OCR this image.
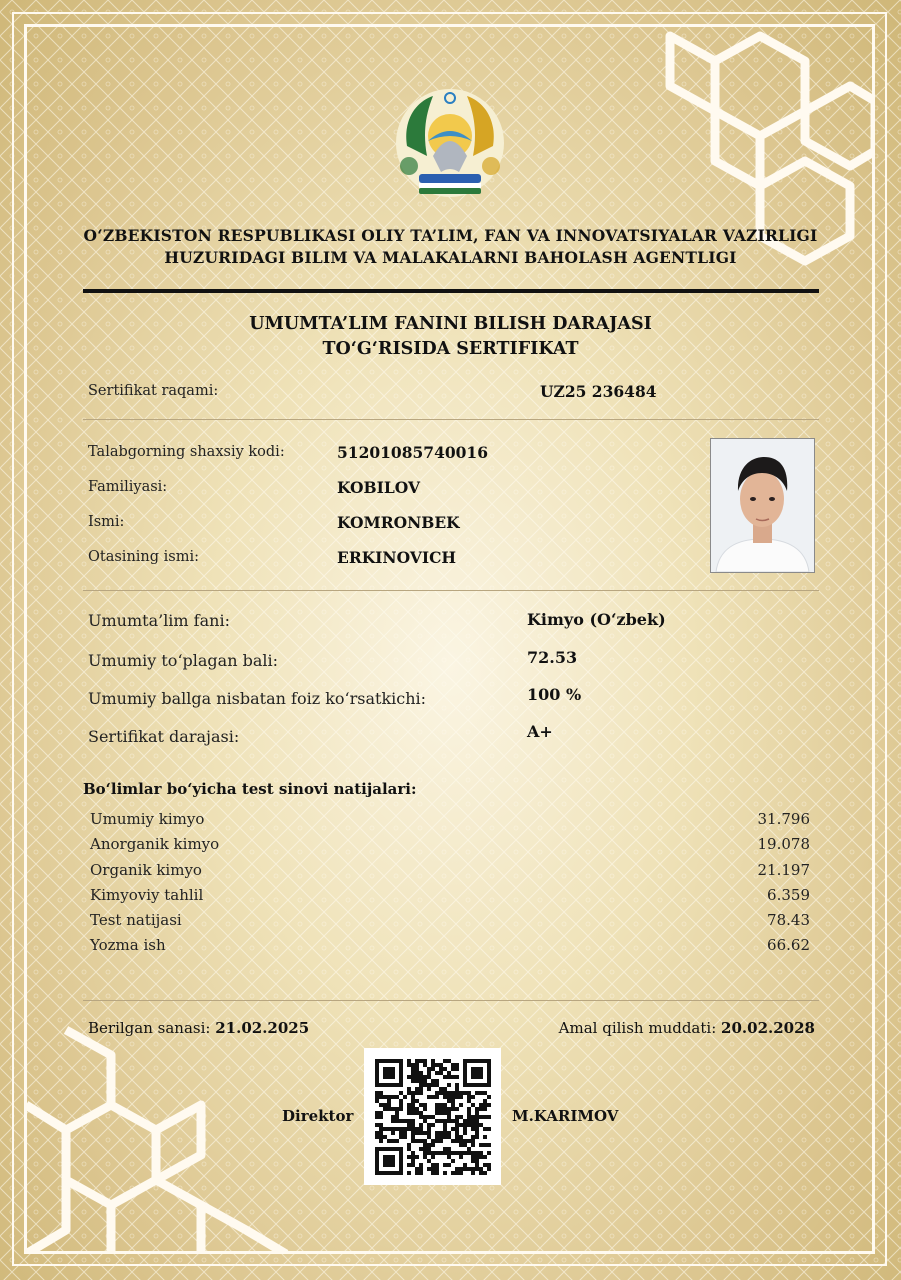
O‘ZBEKISTON RESPUBLIKASI OLIY TA’LIM, FAN VA INNOVATSIYALAR VAZIRLIGI
HUZURIDAGI BILIM VA MALAKALARNI BAHOLASH AGENTLIGI
UMUMTA’LIM FANINI BILISH DARAJASI
TO‘G‘RISIDA SERTIFIKAT
Sertifikat raqami:	UZ25 236484
Talabgorning shaxsiy kodi:	51201085740016
Familiyasi:	KOBILOV
Ismi:	KOMRONBEK
Otasining ismi:	ERKINOVICH
Umumta’lim fani:	Kimyo (O‘zbek)
Umumiy to‘plagan bali:	72.53
Umumiy ballga nisbatan foiz ko‘rsatkichi:	100 %
Sertifikat darajasi:	A+
Bo‘limlar bo‘yicha test sinovi natijalari:
Umumiy kimyo	31.796
Anorganik kimyo	19.078
Organik kimyo	21.197
Kimyoviy tahlil	6.359
Test natijasi	78.43
Yozma ish	66.62
Berilgan sanasi: 21.02.2025	Amal qilish muddati: 20.02.2028
Direktor	M.KARIMOV
